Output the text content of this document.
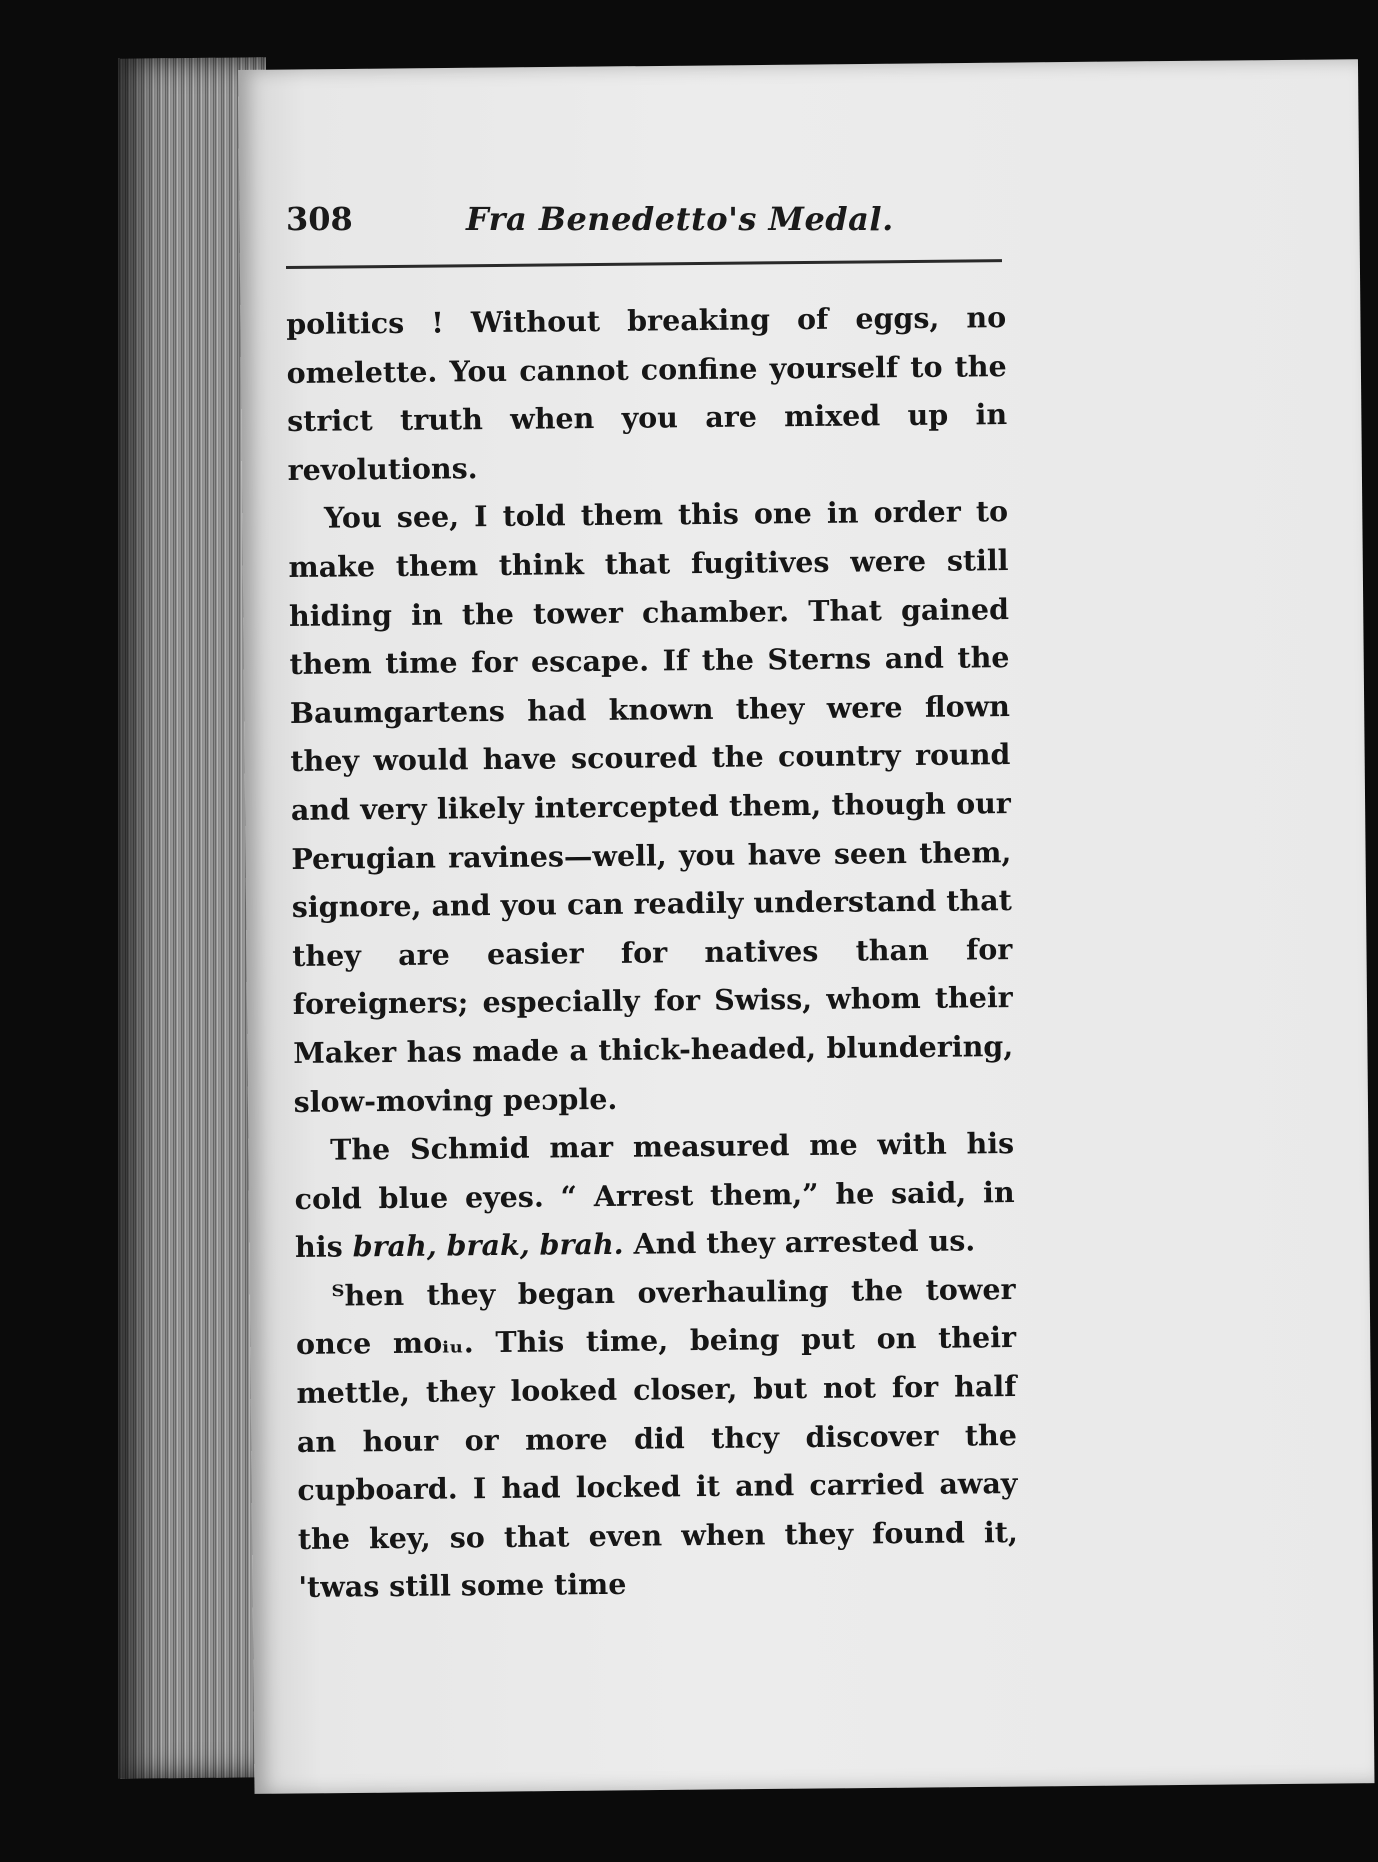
308	Fra Benedetto's Medal.

politics ! Without breaking of eggs, no omelette. You cannot confine yourself to the strict truth when you are mixed up in revolutions.

You see, I told them this one in order to make them think that fugitives were still hiding in the tower chamber. That gained them time for escape. If the Sterns and the Baumgartens had known they were flown they would have scoured the country round and very likely intercepted them, though our Perugian ravines—well, you have seen them, signore, and you can readily understand that they are easier for natives than for foreigners; especially for Swiss, whom their Maker has made a thick-headed, blundering, slow-moving peɔple.

The Schmid mar measured me with his cold blue eyes. “ Arrest them,” he said, in his brah, brak, brah. And they arrested us.

ᵀhen they began overhauling the tower once moᵢᵤ. This time, being put on their mettle, they looked closer, but not for half an hour or more did thcy discover the cupboard. I had locked it and carried away the key, so that even when they found it, 'twas still some time
